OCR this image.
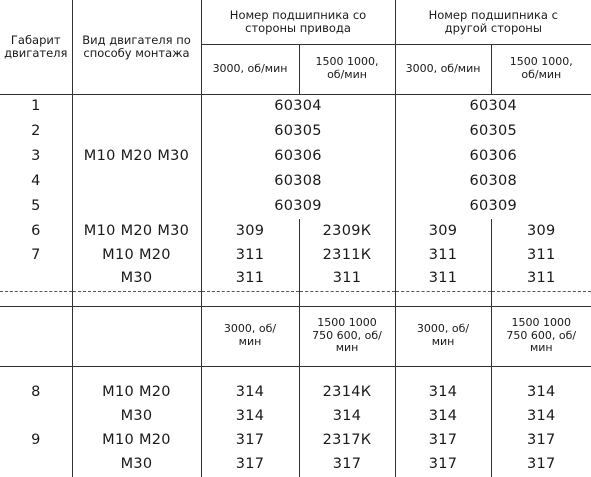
Габарит двигателя	Вид двигателя по способу монтажа	Номер подшипника со стороны привода		Номер подшипника с другой стороны	
		3000, об/мин	1500 1000, об/мин	3000, об/мин	1500 1000, об/мин
1	М10 М20 М30	60304		60304	
2		60305		60305	
3		60306		60306	
4		60308		60308	
5		60309		60309	
6	М10 М20 М30	309	2309К	309	309
7	М10 М20	311	2311К	311	311
	М30	311	311	311	311

		3000, об/мин	1500 1000 750 600, об/мин	3000, об/мин	1500 1000 750 600, об/мин

8	М10 М20	314	2314К	314	314
	М30	314	314	314	314
9	М10 М20	317	2317К	317	317
	М30	317	317	317	317
